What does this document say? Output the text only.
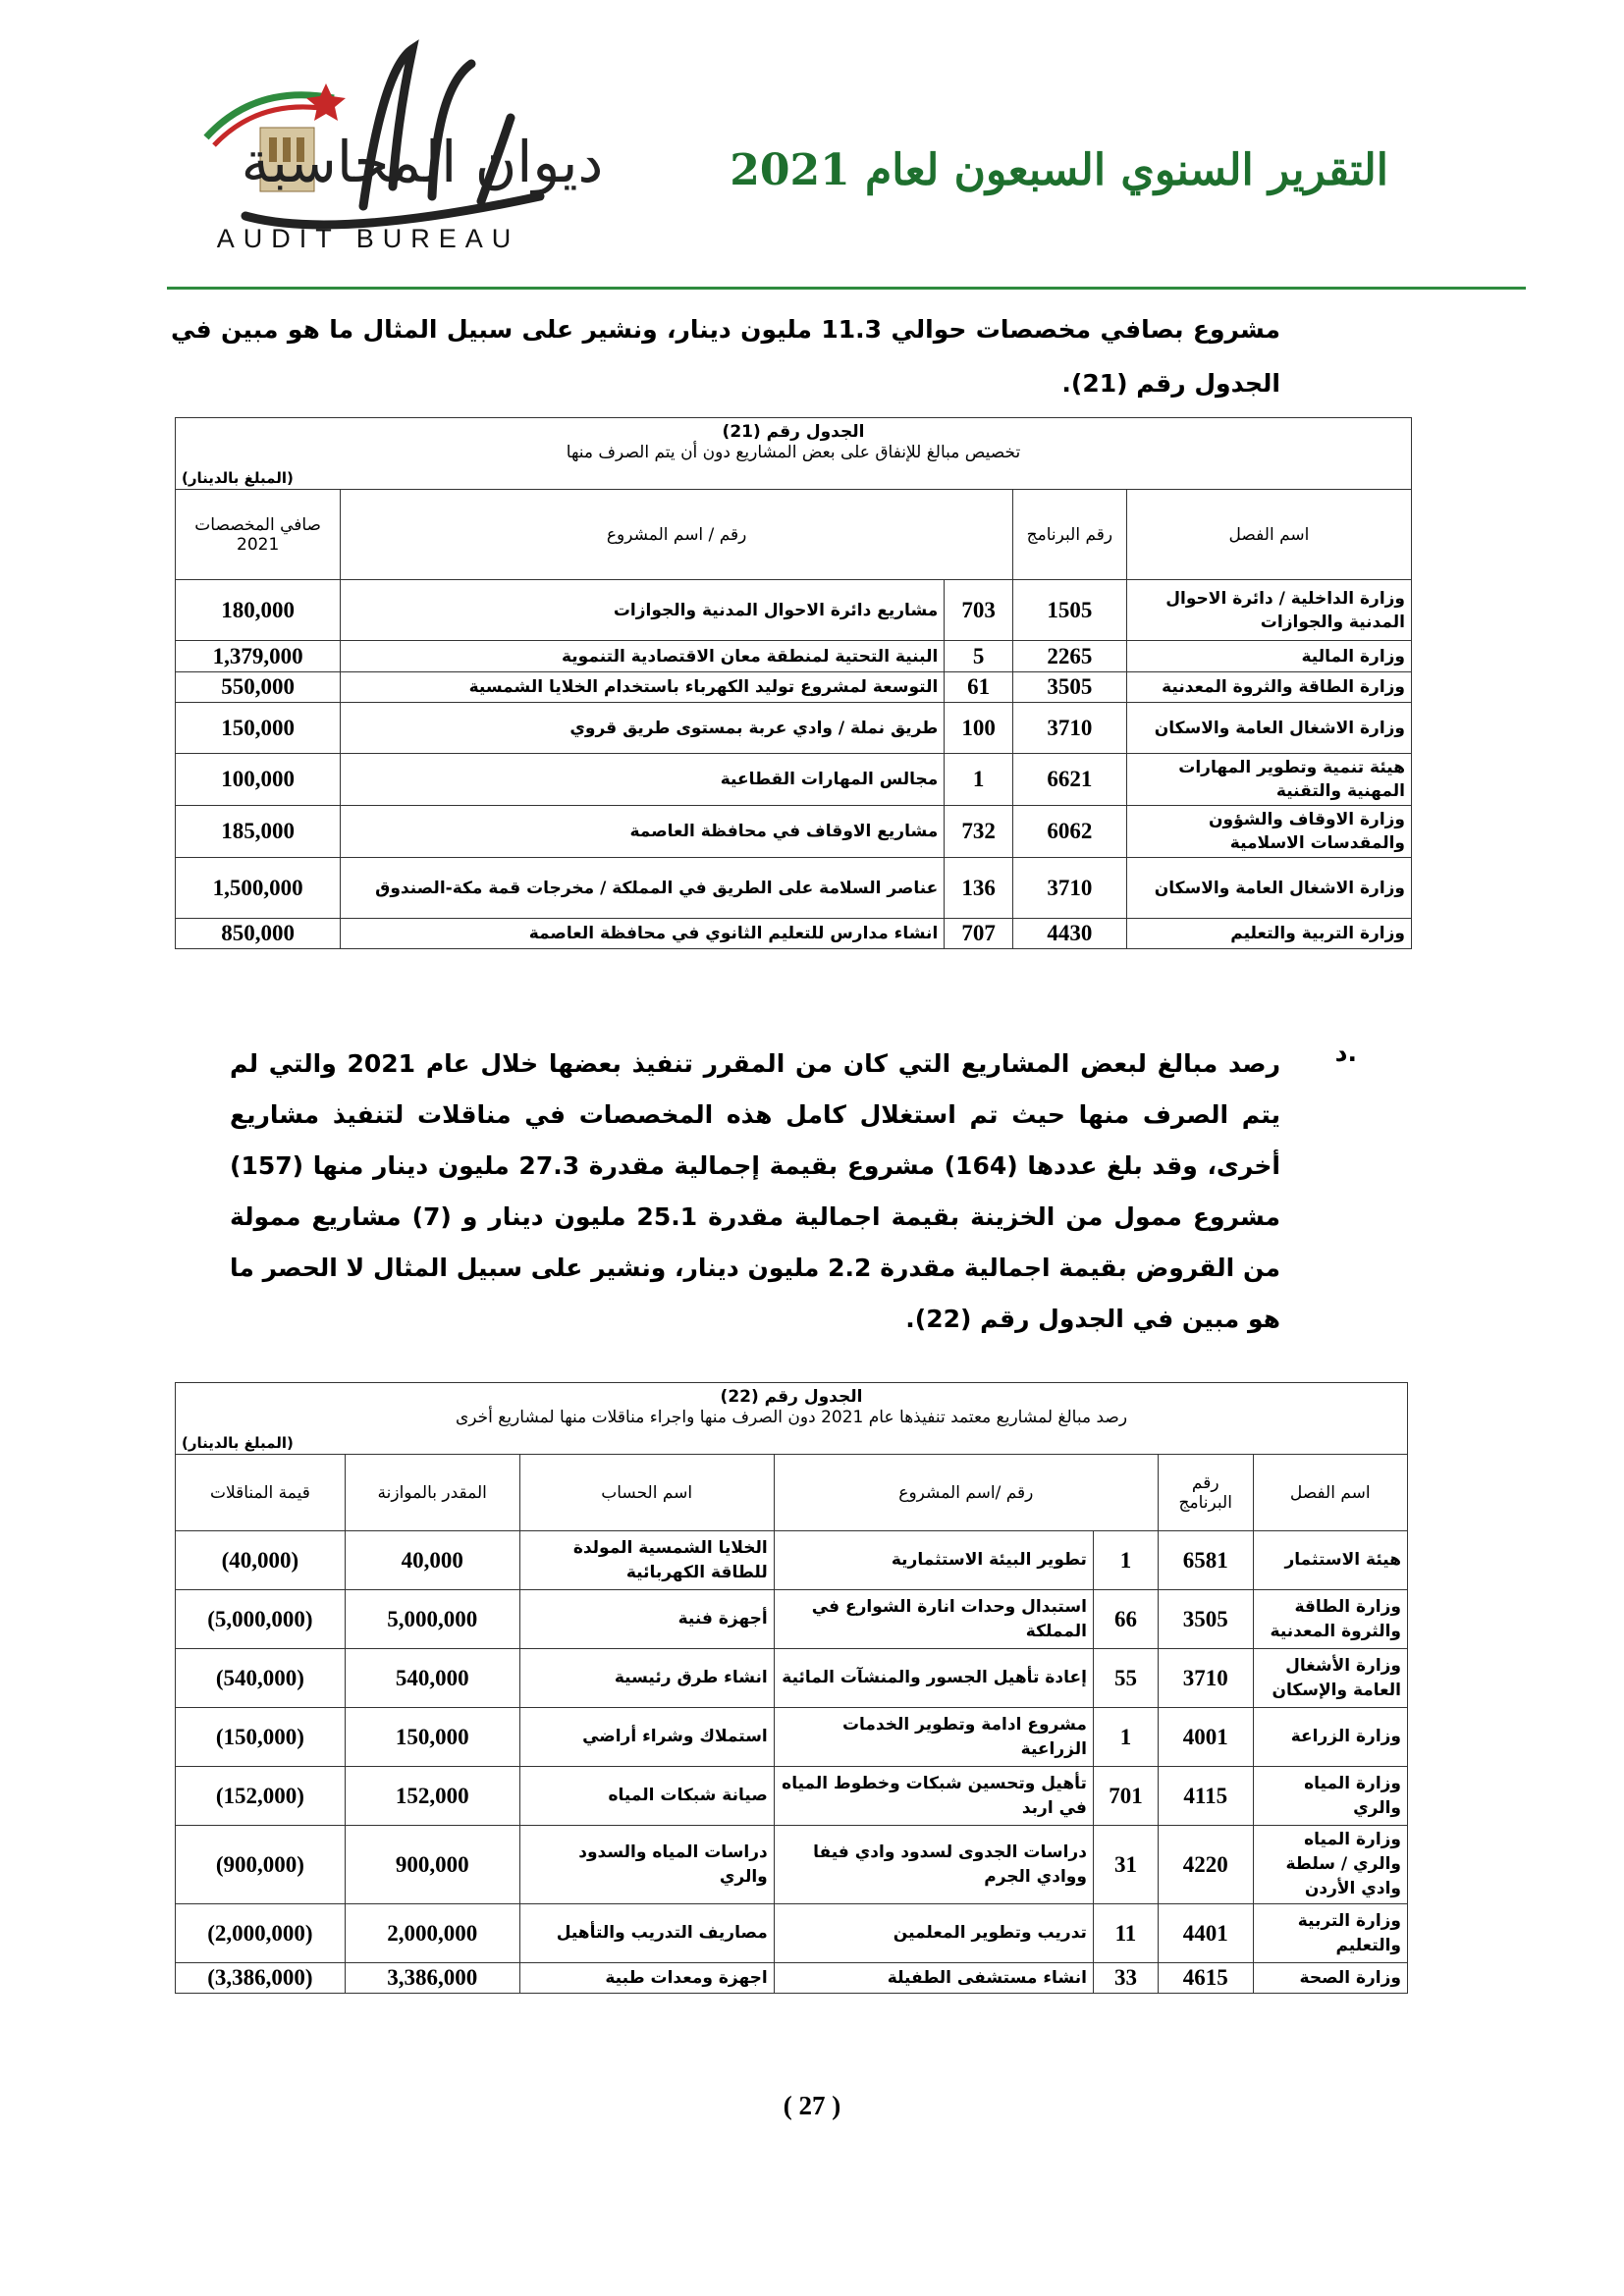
ديوان المحاسبة
AUDIT BUREAU
التقرير السنوي السبعون لعام 2021
مشروع بصافي مخصصات حوالي 11.3 مليون دينار، ونشير على سبيل المثال ما هو مبين في الجدول رقم (21).
الجدول رقم (21)
تخصيص مبالغ للإنفاق على بعض المشاريع دون أن يتم الصرف منها				

(المبلغ بالدينار)				
اسم الفصل	رقم البرنامج	رقم / اسم المشروع		صافي المخصصات 2021
وزارة الداخلية / دائرة الاحوال المدنية والجوازات	1505	703	مشاريع دائرة الاحوال المدنية والجوازات	180,000
وزارة المالية	2265	5	البنية التحتية لمنطقة معان الاقتصادية التنموية	1,379,000
وزارة الطاقة والثروة المعدنية	3505	61	التوسعة لمشروع توليد الكهرباء باستخدام الخلايا الشمسية	550,000
وزارة الاشغال العامة والاسكان	3710	100	طريق نملة / وادي عربة بمستوى طريق قروي	150,000
هيئة تنمية وتطوير المهارات المهنية والتقنية	6621	1	مجالس المهارات القطاعية	100,000
وزارة الاوقاف والشؤون والمقدسات الاسلامية	6062	732	مشاريع الاوقاف في محافظة العاصمة	185,000
وزارة الاشغال العامة والاسكان	3710	136	عناصر السلامة على الطريق في المملكة / مخرجات قمة مكة-الصندوق	1,500,000
وزارة التربية والتعليم	4430	707	انشاء مدارس للتعليم الثانوي في محافظة العاصمة	850,000
د.
رصد مبالغ لبعض المشاريع التي كان من المقرر تنفيذ بعضها خلال عام 2021 والتي لم يتم الصرف منها حيث تم استغلال كامل هذه المخصصات في مناقلات لتنفيذ مشاريع أخرى، وقد بلغ عددها (164) مشروع بقيمة إجمالية مقدرة 27.3 مليون دينار منها (157) مشروع ممول من الخزينة بقيمة اجمالية مقدرة 25.1 مليون دينار و (7) مشاريع ممولة من القروض بقيمة اجمالية مقدرة 2.2 مليون دينار، ونشير على سبيل المثال لا الحصر ما هو مبين في الجدول رقم (22).
الجدول رقم (22)
رصد مبالغ لمشاريع معتمد تنفيذها عام 2021 دون الصرف منها واجراء مناقلات منها لمشاريع أخرى						

(المبلغ بالدينار)						
اسم الفصل	رقم البرنامج	رقم /اسم المشروع		اسم الحساب	المقدر بالموازنة	قيمة المناقلات
هيئة الاستثمار	6581	1	تطوير البيئة الاستثمارية	الخلايا الشمسية المولدة للطاقة الكهربائية	40,000	(40,000)
وزارة الطاقة والثروة المعدنية	3505	66	استبدال وحدات انارة الشوارع في المملكة	أجهزة فنية	5,000,000	(5,000,000)
وزارة الأشغال العامة والإسكان	3710	55	إعادة تأهيل الجسور والمنشآت المائية	انشاء طرق رئيسية	540,000	(540,000)
وزارة الزراعة	4001	1	مشروع ادامة وتطوير الخدمات الزراعية	استملاك وشراء أراضي	150,000	(150,000)
وزارة المياه والري	4115	701	تأهيل وتحسين شبكات وخطوط المياه في اربد	صيانة شبكات المياه	152,000	(152,000)
وزارة المياه والري / سلطة وادي الأردن	4220	31	دراسات الجدوى لسدود وادي فيفا ووادي الجرم	دراسات المياه والسدود والري	900,000	(900,000)
وزارة التربية والتعليم	4401	11	تدريب وتطوير المعلمين	مصاريف التدريب والتأهيل	2,000,000	(2,000,000)
وزارة الصحة	4615	33	انشاء مستشفى الطفيلة	اجهزة ومعدات طبية	3,386,000	(3,386,000)
( 27 )
